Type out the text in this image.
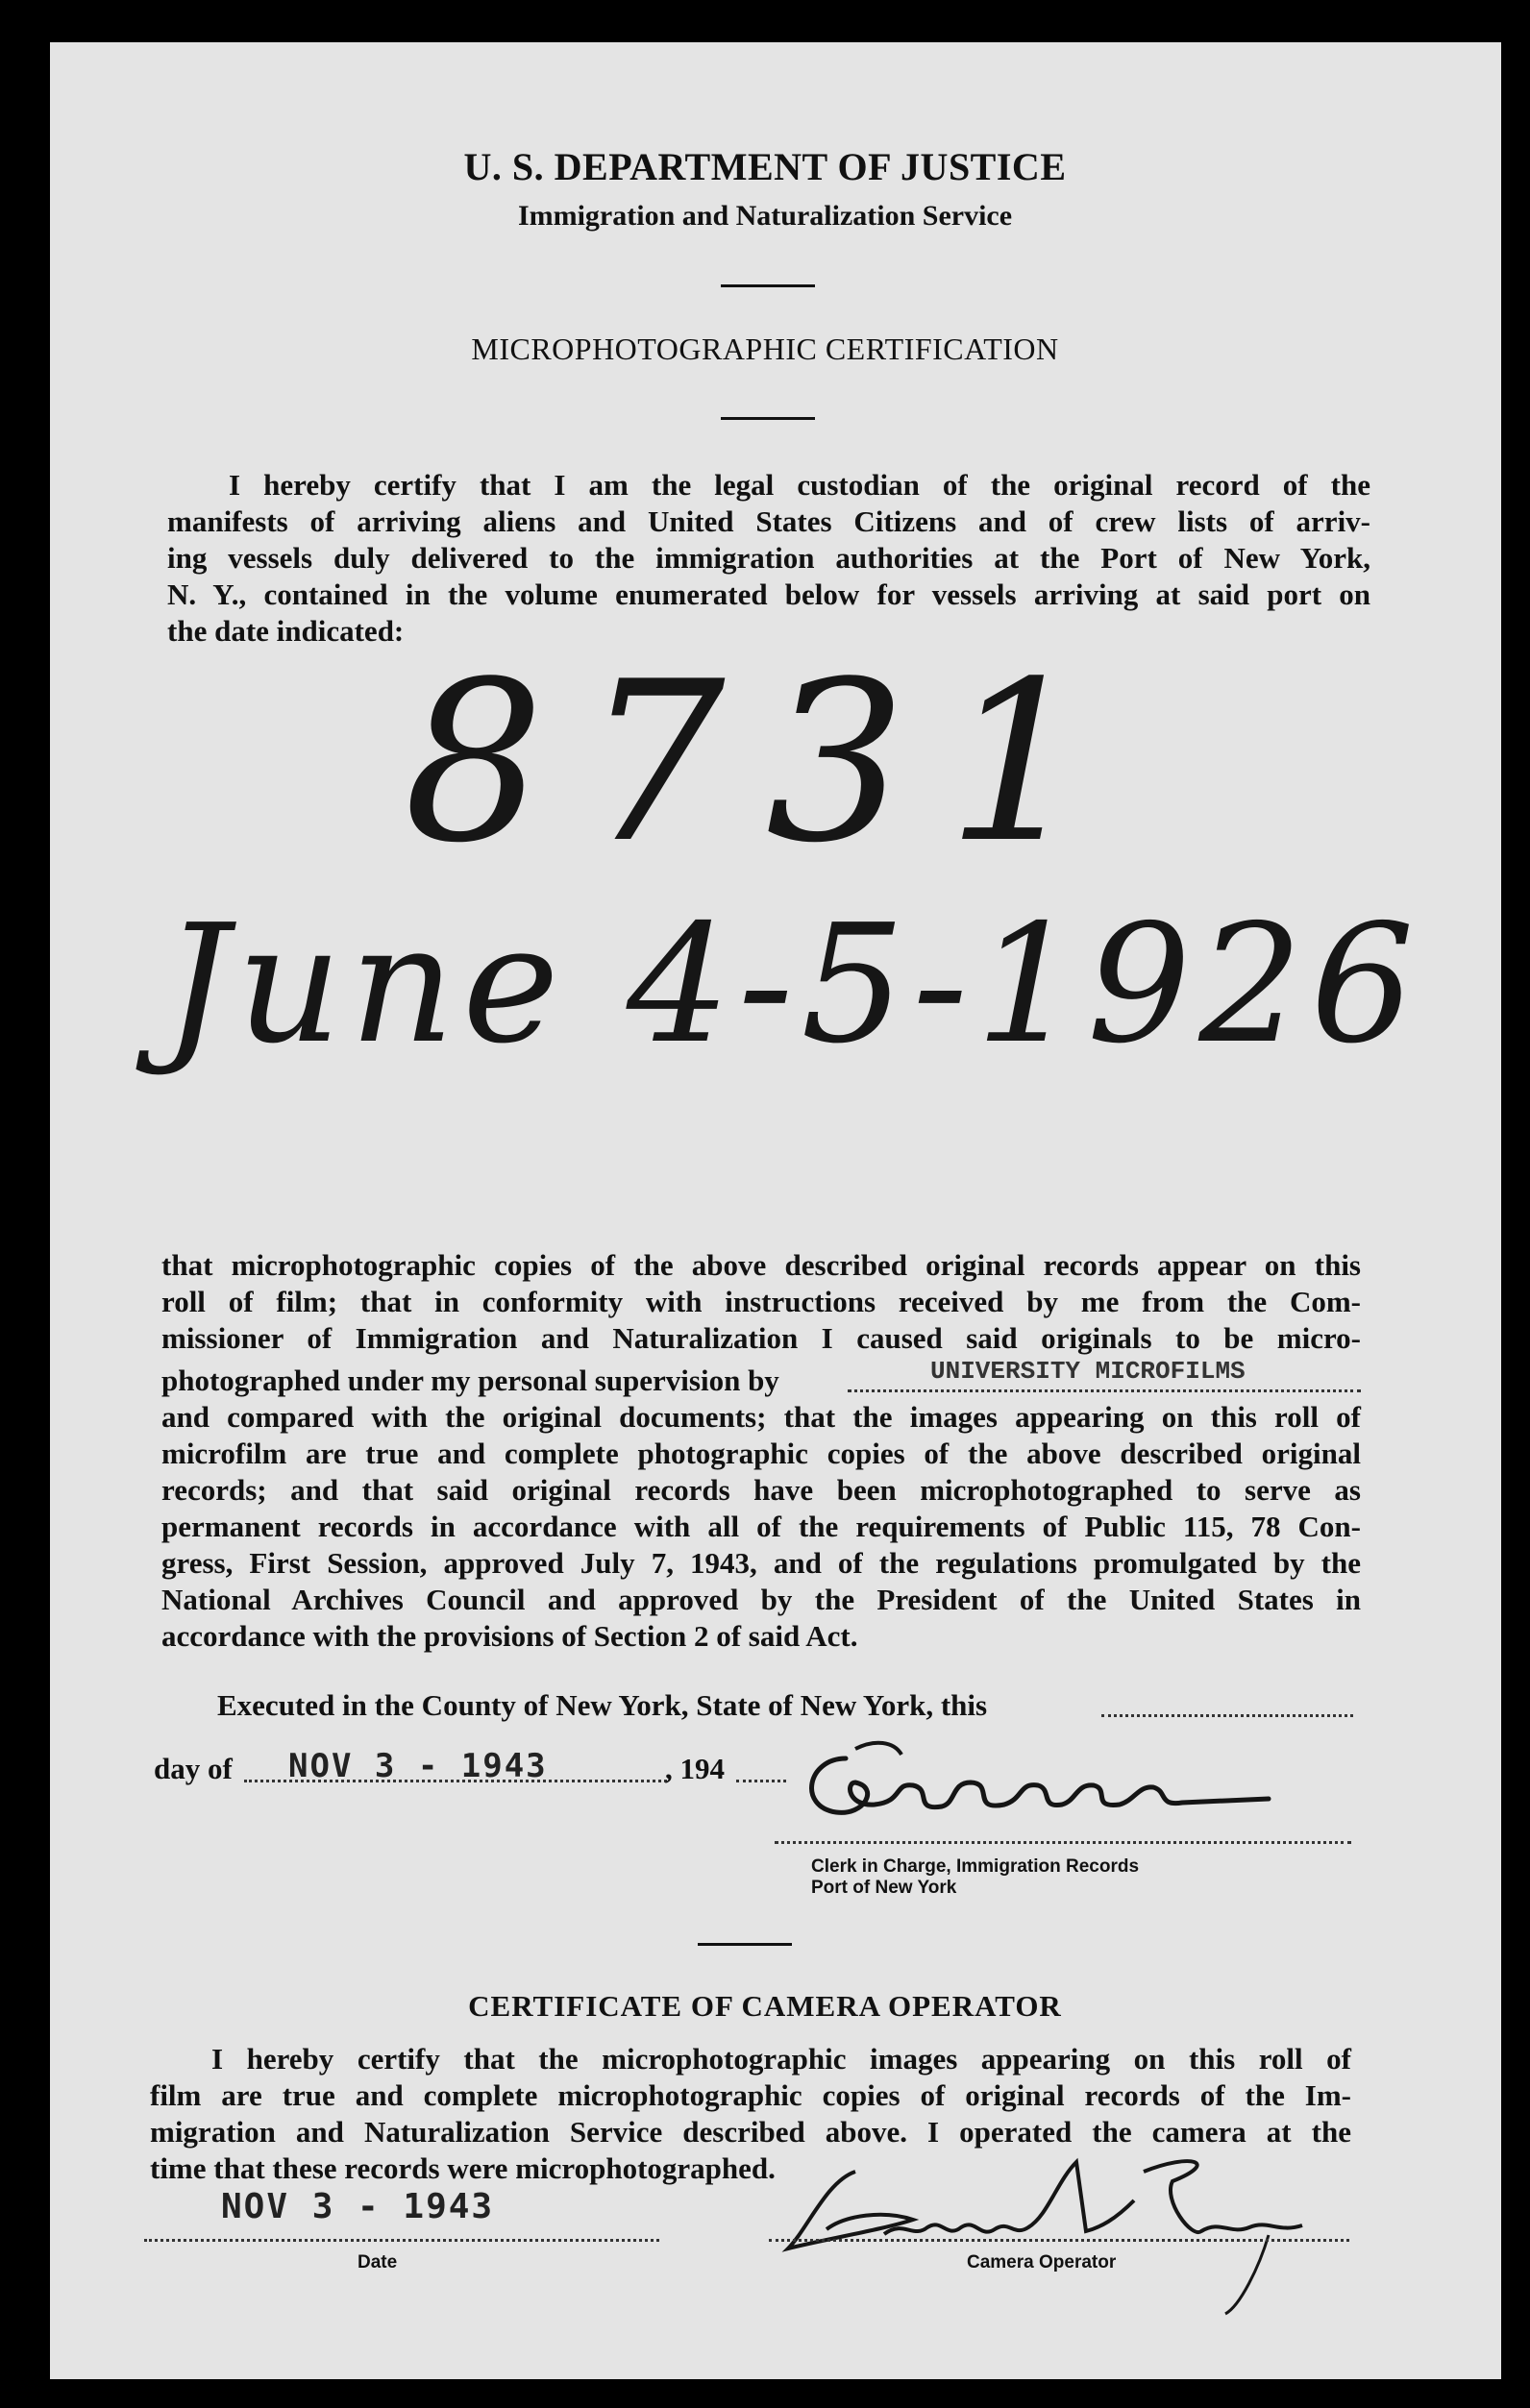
U. S. DEPARTMENT OF JUSTICE
Immigration and Naturalization Service
MICROPHOTOGRAPHIC CERTIFICATION
I hereby certify that I am the legal custodian of the original record of the
manifests of arriving aliens and United States Citizens and of crew lists of arriv-
ing vessels duly delivered to the immigration authorities at the Port of New York,
N. Y., contained in the volume enumerated below for vessels arriving at said port on
the date indicated:
8731
June 4-5-1926
that microphotographic copies of the above described original records appear on this
roll of film; that in conformity with instructions received by me from the Com-
missioner of Immigration and Naturalization I caused said originals to be micro-
photographed under my personal supervision by	UNIVERSITY MICROFILMS
and compared with the original documents; that the images appearing on this roll of
microfilm are true and complete photographic copies of the above described original
records; and that said original records have been microphotographed to serve as
permanent records in accordance with all of the requirements of Public 115, 78 Con-
gress, First Session, approved July 7, 1943, and of the regulations promulgated by the
National Archives Council and approved by the President of the United States in
accordance with the provisions of Section 2 of said Act.
Executed in the County of New York, State of New York, this
day of NOV 3 - 1943	, 194
Clerk in Charge, Immigration Records
Port of New York
CERTIFICATE OF CAMERA OPERATOR
I hereby certify that the microphotographic images appearing on this roll of
film are true and complete microphotographic copies of original records of the Im-
migration and Naturalization Service described above. I operated the camera at the
time that these records were microphotographed.
NOV 3 - 1943
Date	Camera Operator
